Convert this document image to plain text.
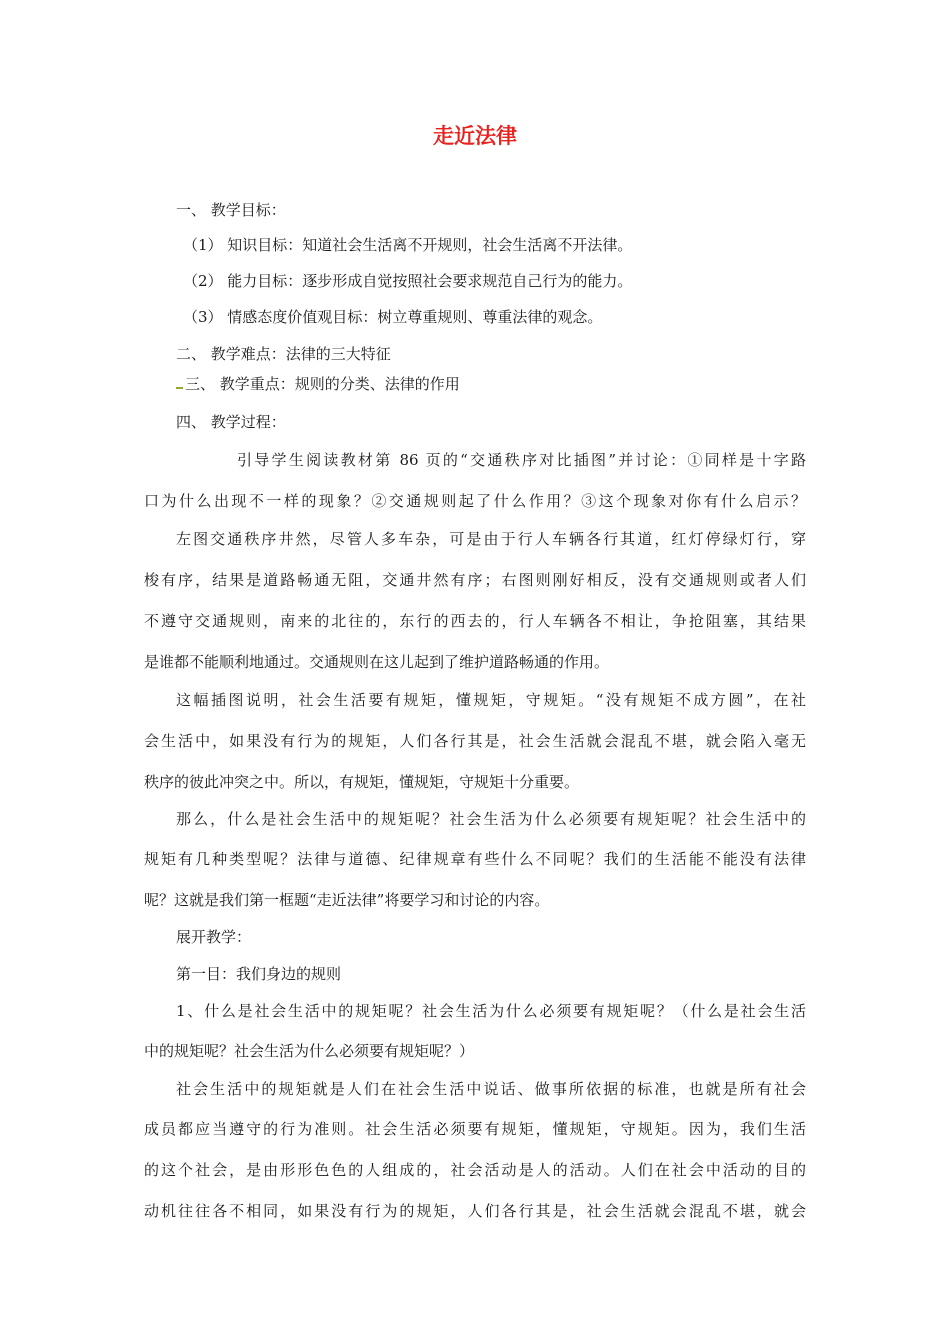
走近法律
一、 教学目标：
（1） 知识目标：知道社会生活离不开规则，社会生活离不开法律。
（2） 能力目标：逐步形成自觉按照社会要求规范自己行为的能力。
（3） 情感态度价值观目标：树立尊重规则、尊重法律的观念。
二、 教学难点：法律的三大特征
三、 教学重点：规则的分类、法律的作用
四、 教学过程：
引导学生阅读教材第 86 页的“交通秩序对比插图”并讨论：①同样是十字路
口为什么出现不一样的现象？②交通规则起了什么作用？③这个现象对你有什么启示？
左图交通秩序井然，尽管人多车杂，可是由于行人车辆各行其道，红灯停绿灯行，穿
梭有序，结果是道路畅通无阻，交通井然有序；右图则刚好相反，没有交通规则或者人们
不遵守交通规则，南来的北往的，东行的西去的，行人车辆各不相让，争抢阻塞，其结果
是谁都不能顺利地通过。交通规则在这儿起到了维护道路畅通的作用。
这幅插图说明，社会生活要有规矩，懂规矩，守规矩。“没有规矩不成方圆”，在社
会生活中，如果没有行为的规矩，人们各行其是，社会生活就会混乱不堪，就会陷入毫无
秩序的彼此冲突之中。所以，有规矩，懂规矩，守规矩十分重要。
那么，什么是社会生活中的规矩呢？社会生活为什么必须要有规矩呢？社会生活中的
规矩有几种类型呢？法律与道德、纪律规章有些什么不同呢？我们的生活能不能没有法律
呢？这就是我们第一框题“走近法律”将要学习和讨论的内容。
展开教学：
第一目：我们身边的规则
1、什么是社会生活中的规矩呢？社会生活为什么必须要有规矩呢？（什么是社会生活
中的规矩呢？社会生活为什么必须要有规矩呢？）
社会生活中的规矩就是人们在社会生活中说话、做事所依据的标准，也就是所有社会
成员都应当遵守的行为准则。社会生活必须要有规矩，懂规矩，守规矩。因为，我们生活
的这个社会，是由形形色色的人组成的，社会活动是人的活动。人们在社会中活动的目的
动机往往各不相同，如果没有行为的规矩，人们各行其是，社会生活就会混乱不堪，就会
